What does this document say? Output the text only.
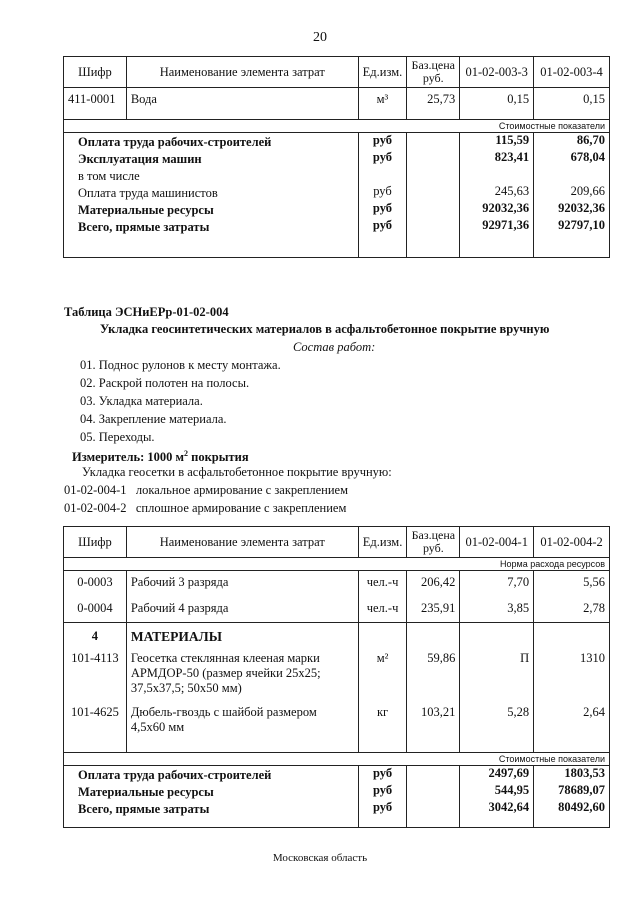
20
Шифр	Наименование элемента затрат	Ед.изм.	Баз.цена руб.	01-02-003-3	01-02-003-4
411-0001	Вода	м³	25,73	0,15	0,15

Стоимостные показатели					
Оплата труда рабочих-строителей		руб		115,59	86,70
Эксплуатация машин		руб		823,41	678,04
в том числе					
Оплата труда машинистов		руб		245,63	209,66
Материальные ресурсы		руб		92032,36	92032,36
Всего, прямые затраты		руб		92971,36	92797,10

Таблица ЭСНиЕРр-01-02-004
Укладка геосинтетических материалов в асфальтобетонное покрытие вручную
Состав работ:
01. Поднос рулонов к месту монтажа.
02. Раскрой полотен на полосы.
03. Укладка материала.
04. Закрепление материала.
05. Переходы.
Измеритель: 1000 $м^2$ покрытия
Укладка геосетки в асфальтобетонное покрытие вручную:
01-02-004-1 локальное армирование с закреплением
01-02-004-2 сплошное армирование с закреплением
Шифр	Наименование элемента затрат	Ед.изм.	Баз.цена руб.	01-02-004-1	01-02-004-2
Норма расхода ресурсов					
0-0003	Рабочий 3 разряда	чел.-ч	206,42	7,70	5,56
0-0004	Рабочий 4 разряда	чел.-ч	235,91	3,85	2,78
4	МАТЕРИАЛЫ				
101-4113	Геосетка стеклянная клееная марки АРМДОР-50 (размер ячейки 25x25; 37,5x37,5; 50x50 мм)	м²	59,86	П	1310
101-4625	Дюбель-гвоздь с шайбой размером 4,5x60 мм	кг	103,21	5,28	2,64
Стоимостные показатели					
Оплата труда рабочих-строителей		руб		2497,69	1803,53
Материальные ресурсы		руб		544,95	78689,07
Всего, прямые затраты		руб		3042,64	80492,60

Московская область
